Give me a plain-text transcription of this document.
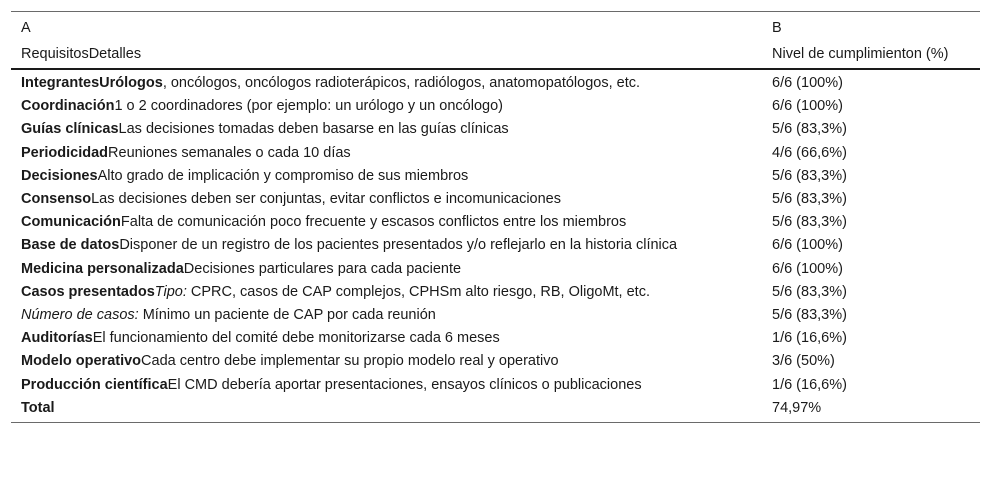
A	B
RequisitosDetalles	Nivel de cumplimienton (%)
IntegrantesUrólogos, oncólogos, oncólogos radioterápicos, radiólogos, anatomopatólogos, etc.	6/6 (100%)
Coordinación1 o 2 coordinadores (por ejemplo: un urólogo y un oncólogo)	6/6 (100%)
Guías clínicasLas decisiones tomadas deben basarse en las guías clínicas	5/6 (83,3%)
PeriodicidadReuniones semanales o cada 10 días	4/6 (66,6%)
DecisionesAlto grado de implicación y compromiso de sus miembros	5/6 (83,3%)
ConsensoLas decisiones deben ser conjuntas, evitar conflictos e incomunicaciones	5/6 (83,3%)
ComunicaciónFalta de comunicación poco frecuente y escasos conflictos entre los miembros	5/6 (83,3%)
Base de datosDisponer de un registro de los pacientes presentados y/o reflejarlo en la historia clínica	6/6 (100%)
Medicina personalizadaDecisiones particulares para cada paciente	6/6 (100%)
Casos presentadosTipo: CPRC, casos de CAP complejos, CPHSm alto riesgo, RB, OligoMt, etc.	5/6 (83,3%)
Número de casos: Mínimo un paciente de CAP por cada reunión	5/6 (83,3%)
AuditoríasEl funcionamiento del comité debe monitorizarse cada 6 meses	1/6 (16,6%)
Modelo operativoCada centro debe implementar su propio modelo real y operativo	3/6 (50%)
Producción científicaEl CMD debería aportar presentaciones, ensayos clínicos o publicaciones	1/6 (16,6%)
Total	74,97%
